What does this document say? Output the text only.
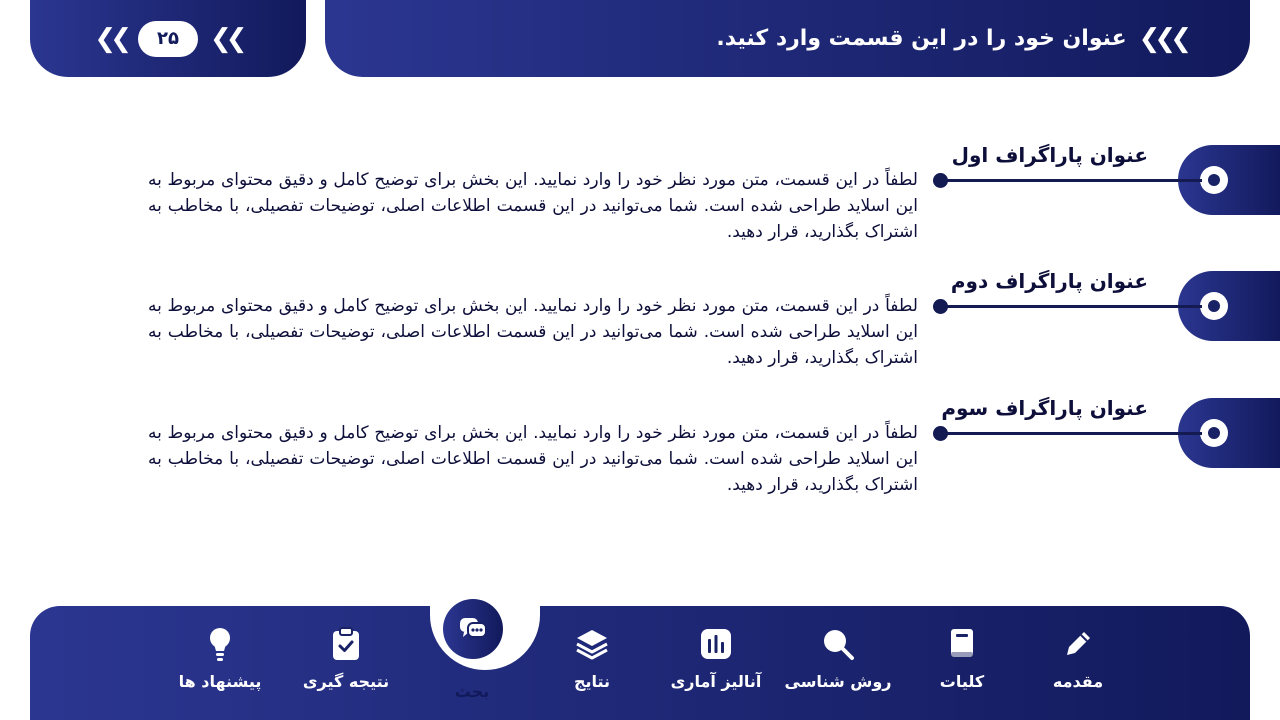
❮❮	۲۵	❮❮	عنوان خود را در این قسمت وارد کنید. ❮❮❮
عنوان پاراگراف اول
لطفاً در این قسمت، متن مورد نظر خود را وارد نمایید. این بخش برای توضیح کامل و دقیق محتوای مربوط به این اسلاید طراحی شده است. شما می‌توانید در این قسمت اطلاعات اصلی، توضیحات تفصیلی، با مخاطب به اشتراک بگذارید، قرار دهید.
عنوان پاراگراف دوم
لطفاً در این قسمت، متن مورد نظر خود را وارد نمایید. این بخش برای توضیح کامل و دقیق محتوای مربوط به این اسلاید طراحی شده است. شما می‌توانید در این قسمت اطلاعات اصلی، توضیحات تفصیلی، با مخاطب به اشتراک بگذارید، قرار دهید.
عنوان پاراگراف سوم
لطفاً در این قسمت، متن مورد نظر خود را وارد نمایید. این بخش برای توضیح کامل و دقیق محتوای مربوط به این اسلاید طراحی شده است. شما می‌توانید در این قسمت اطلاعات اصلی، توضیحات تفصیلی، با مخاطب به اشتراک بگذارید، قرار دهید.
مقدمه
کلیات
روش شناسی
آنالیز آماری
نتایج
بحث
نتیجه گیری
پیشنهاد ها
